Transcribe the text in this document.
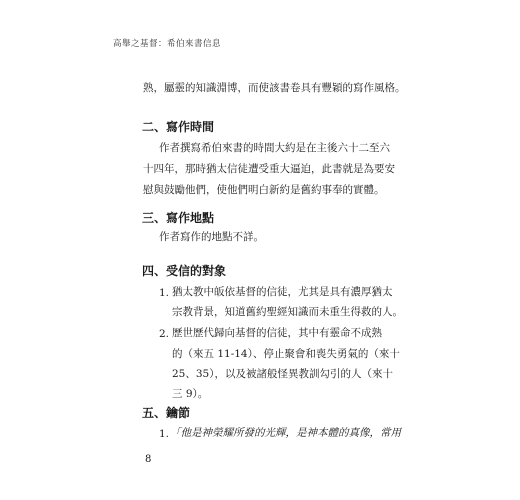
高舉之基督：希伯來書信息
熟，屬靈的知識淵博，而使該書卷具有豐穎的寫作風格。
二、寫作時間
作者撰寫希伯來書的時間大約是在主後六十二至六
十四年，那時猶太信徒遭受重大逼迫，此書就是為要安
慰與鼓勵他們，使他們明白新約是舊約事奉的實體。
三、寫作地點
作者寫作的地點不詳。
四、受信的對象
1. 猶太教中皈依基督的信徒，尤其是具有濃厚猶太
宗教背景，知道舊約聖經知識而未重生得救的人。
2. 歷世歷代歸向基督的信徒，其中有靈命不成熟
的（來五 11-14）、停止聚會和喪失勇氣的（來十
25、35），以及被諸般怪異教訓勾引的人（來十
三 9）。
五、鑰節
1. 「他是神榮耀所發的光輝，是神本體的真像，常用
8
